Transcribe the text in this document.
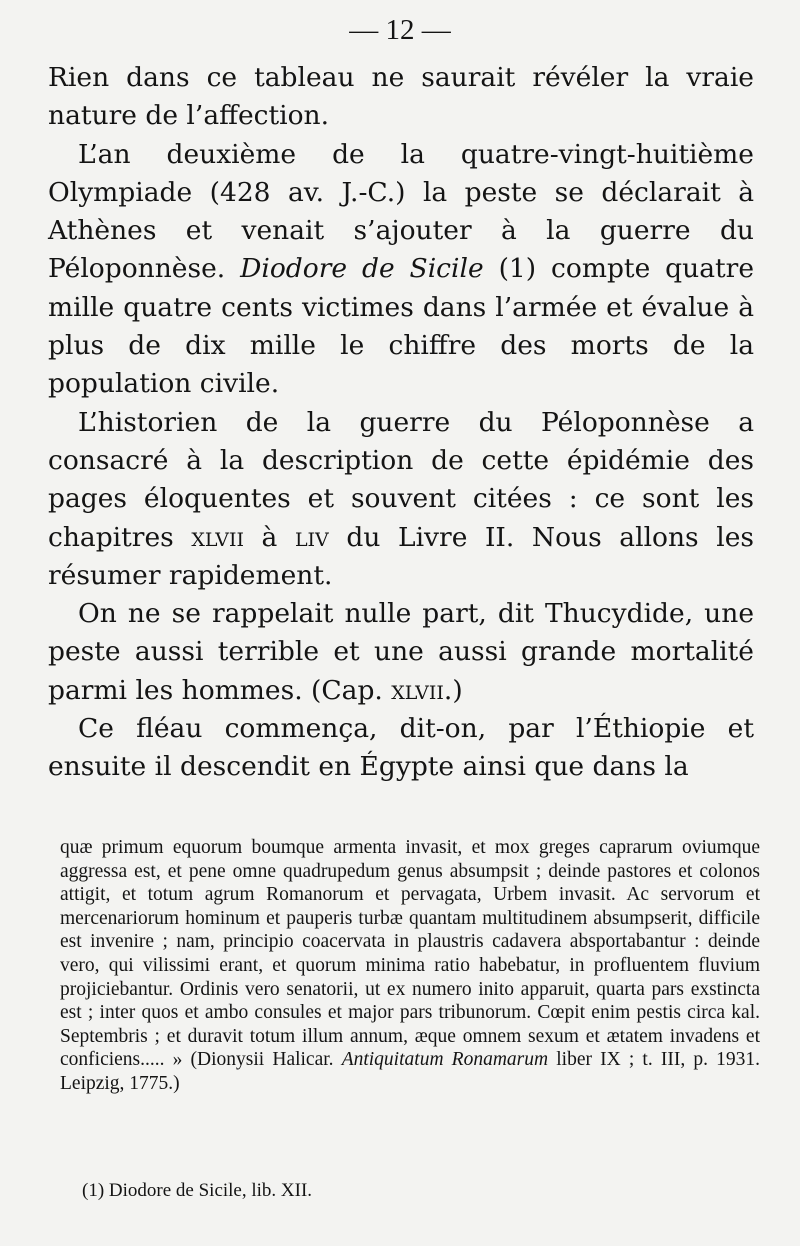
— 12 —

Rien dans ce tableau ne saurait révéler la vraie nature de l’affection.

L’an deuxième de la quatre-vingt-huitième Olympiade (428 av. J.-C.) la peste se déclarait à Athènes et venait s’ajouter à la guerre du Péloponnèse. Diodore de Sicile (1) compte quatre mille quatre cents victimes dans l’armée et évalue à plus de dix mille le chiffre des morts de la population civile.

L’historien de la guerre du Péloponnèse a consacré à la description de cette épidémie des pages éloquentes et souvent citées : ce sont les chapitres xlvii à liv du Livre II. Nous allons les résumer rapidement.

On ne se rappelait nulle part, dit Thucydide, une peste aussi terrible et une aussi grande mortalité parmi les hommes. (Cap. xlvii.)

Ce fléau commença, dit-on, par l’Éthiopie et ensuite il descendit en Égypte ainsi que dans la

quæ primum equorum boumque armenta invasit, et mox greges caprarum oviumque aggressa est, et pene omne quadrupedum genus absumpsit ; deinde pastores et colonos attigit, et totum agrum Romanorum et pervagata, Urbem invasit. Ac servorum et mercenariorum hominum et pauperis turbæ quantam multitudinem absumpserit, difficile est invenire ; nam, principio coacervata in plaustris cadavera absportabantur : deinde vero, qui vilissimi erant, et quorum minima ratio habebatur, in profluentem fluvium projiciebantur. Ordinis vero senatorii, ut ex numero inito apparuit, quarta pars exstincta est ; inter quos et ambo consules et major pars tribunorum. Cœpit enim pestis circa kal. Septembris ; et duravit totum illum annum, æque omnem sexum et ætatem invadens et conficiens..... » (Dionysii Halicar. Antiquitatum Ronamarum liber IX ; t. III, p. 1931. Leipzig, 1775.)

(1) Diodore de Sicile, lib. XII.
